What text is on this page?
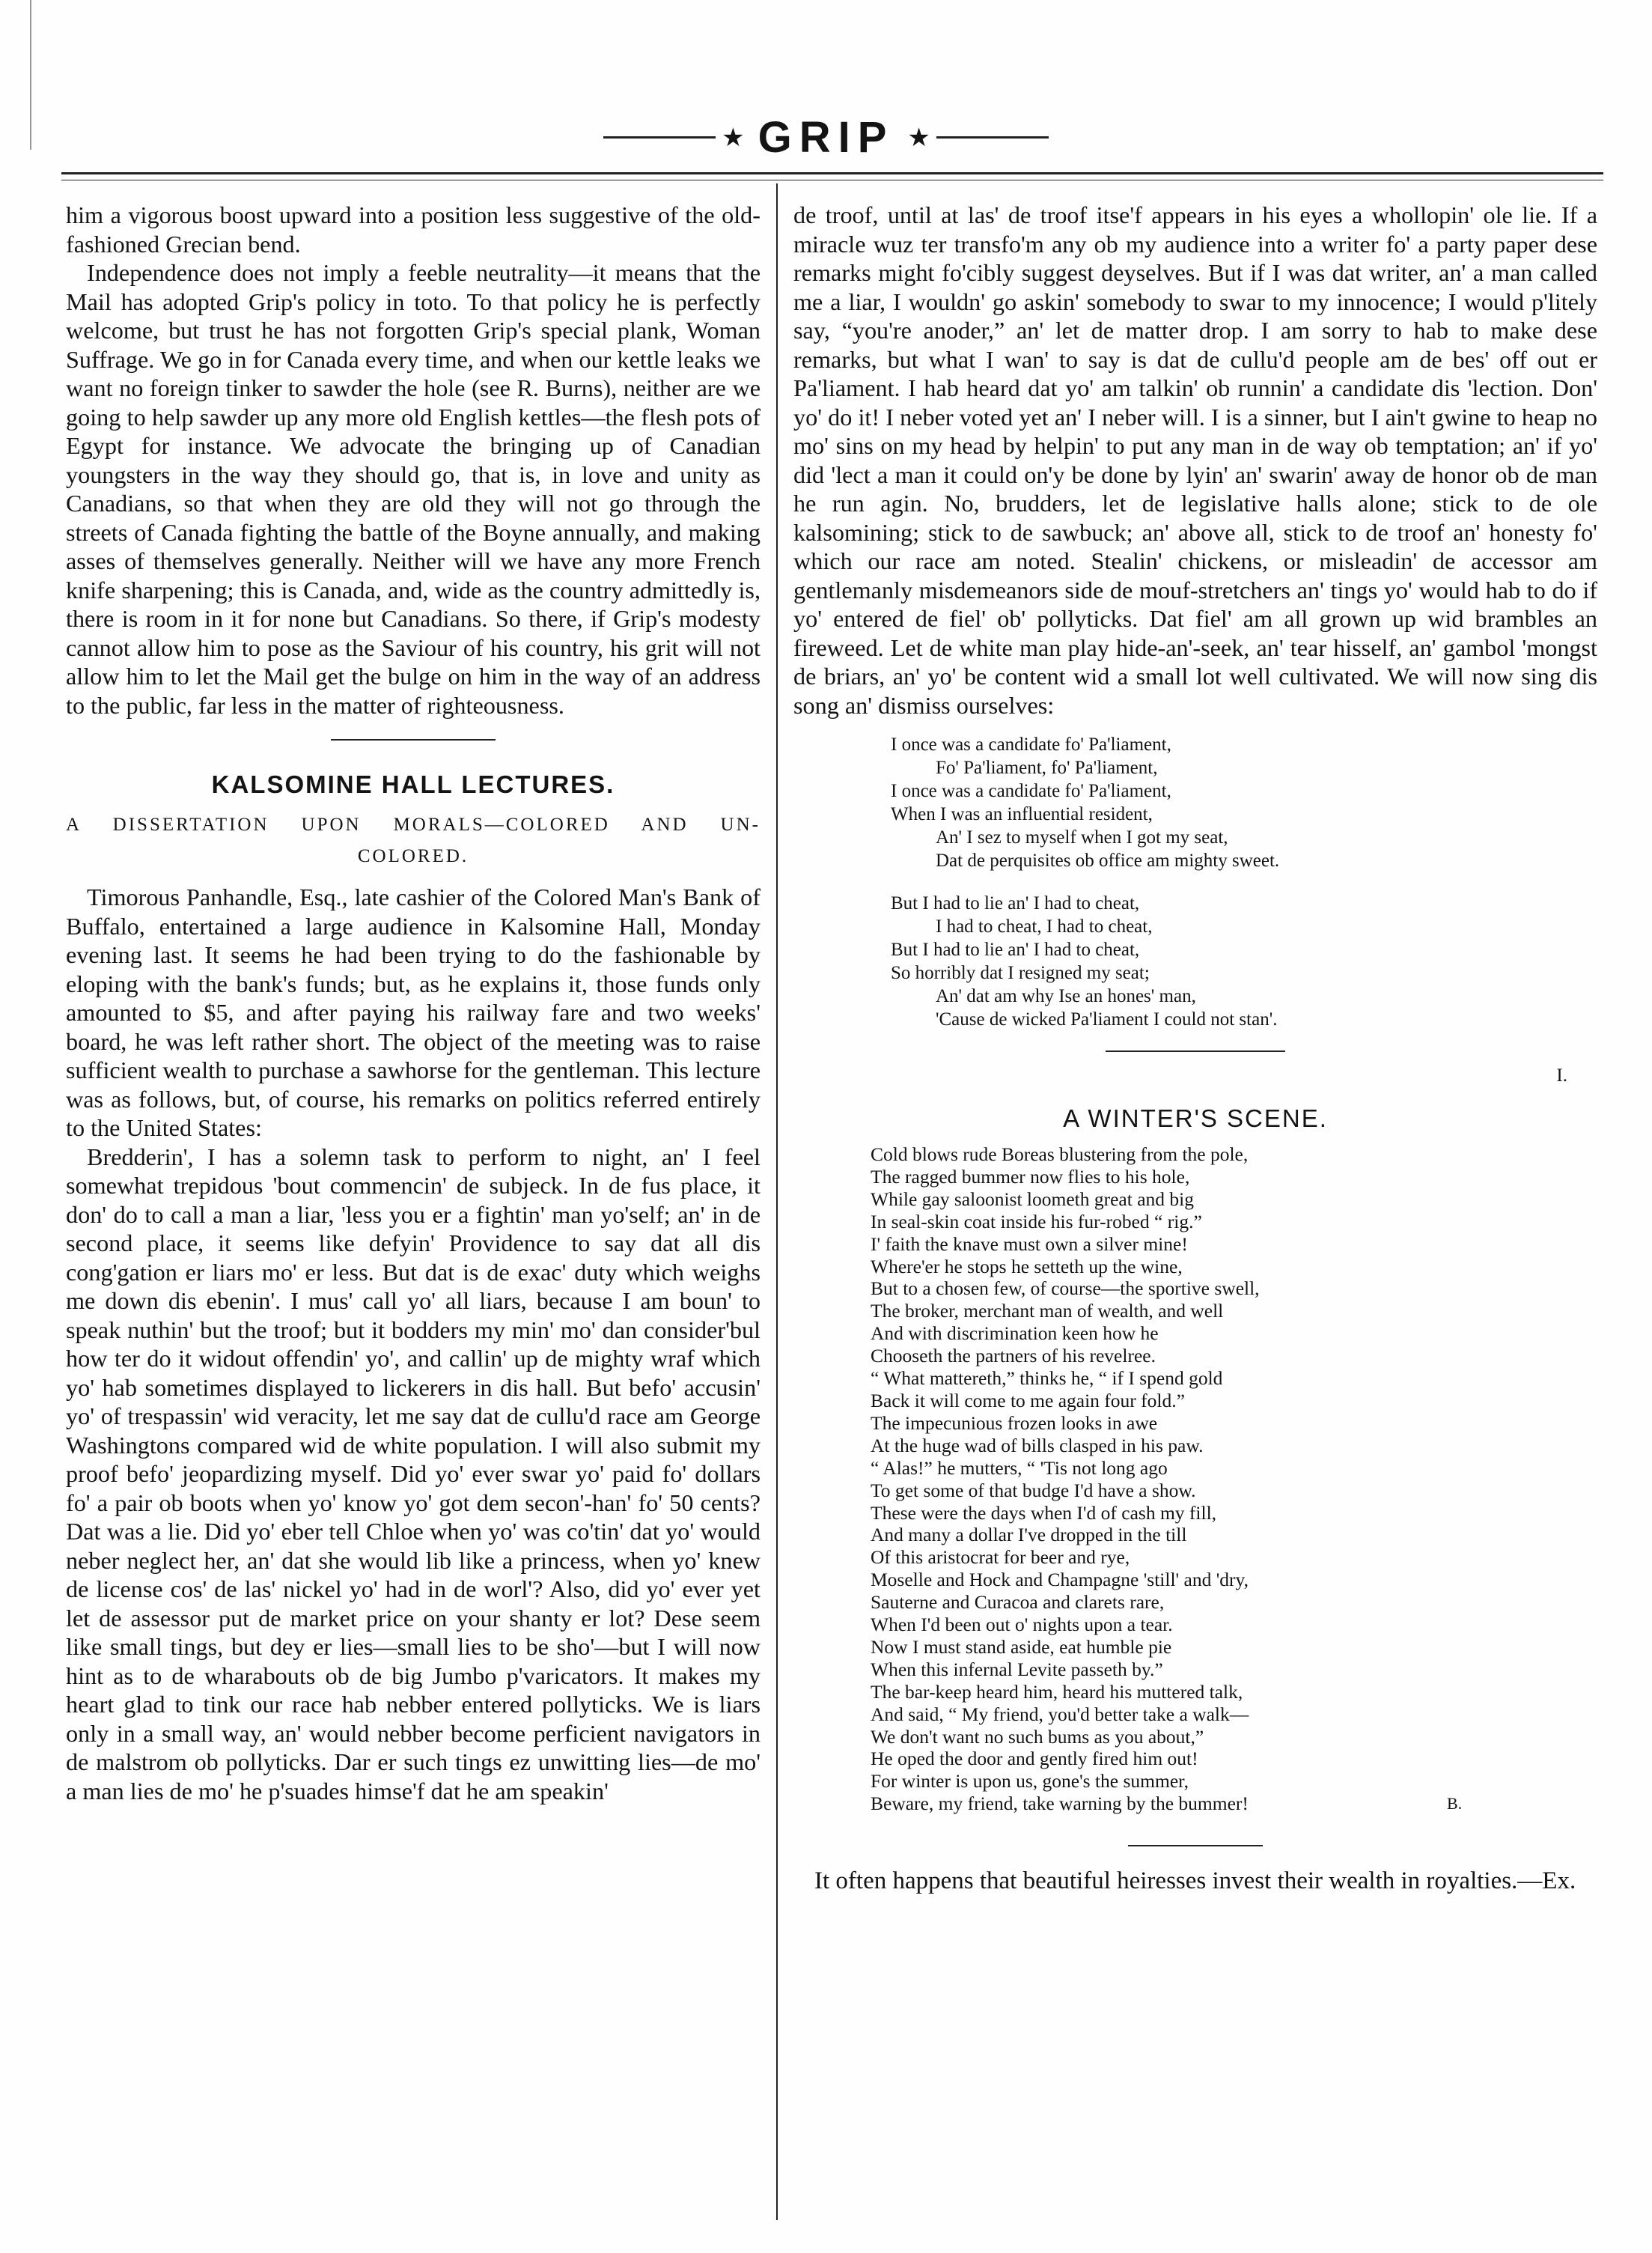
★ GRIP ★

him a vigorous boost upward into a position less suggestive of the old-fashioned Grecian bend.

Independence does not imply a feeble neutrality—it means that the Mail has adopted Grip's policy in toto. To that policy he is perfectly welcome, but trust he has not forgotten Grip's special plank, Woman Suffrage. We go in for Canada every time, and when our kettle leaks we want no foreign tinker to sawder the hole (see R. Burns), neither are we going to help sawder up any more old English kettles—the flesh pots of Egypt for instance. We advocate the bringing up of Canadian youngsters in the way they should go, that is, in love and unity as Canadians, so that when they are old they will not go through the streets of Canada fighting the battle of the Boyne annually, and making asses of themselves generally. Neither will we have any more French knife sharpening; this is Canada, and, wide as the country admittedly is, there is room in it for none but Canadians. So there, if Grip's modesty cannot allow him to pose as the Saviour of his country, his grit will not allow him to let the Mail get the bulge on him in the way of an address to the public, far less in the matter of righteousness.

KALSOMINE HALL LECTURES.
A DISSERTATION UPON MORALS—COLORED AND UN-
COLORED.

Timorous Panhandle, Esq., late cashier of the Colored Man's Bank of Buffalo, entertained a large audience in Kalsomine Hall, Monday evening last. It seems he had been trying to do the fashionable by eloping with the bank's funds; but, as he explains it, those funds only amounted to $5, and after paying his railway fare and two weeks' board, he was left rather short. The object of the meeting was to raise sufficient wealth to purchase a sawhorse for the gentleman. This lecture was as follows, but, of course, his remarks on politics referred entirely to the United States:

Bredderin', I has a solemn task to perform to night, an' I feel somewhat trepidous 'bout commencin' de subjeck. In de fus place, it don' do to call a man a liar, 'less you er a fightin' man yo'self; an' in de second place, it seems like defyin' Providence to say dat all dis cong'gation er liars mo' er less. But dat is de exac' duty which weighs me down dis ebenin'. I mus' call yo' all liars, because I am boun' to speak nuthin' but the troof; but it bodders my min' mo' dan consider'bul how ter do it widout offendin' yo', and callin' up de mighty wraf which yo' hab sometimes displayed to lickerers in dis hall. But befo' accusin' yo' of trespassin' wid veracity, let me say dat de cullu'd race am George Washingtons compared wid de white population. I will also submit my proof befo' jeopardizing myself. Did yo' ever swar yo' paid fo' dollars fo' a pair ob boots when yo' know yo' got dem secon'-han' fo' 50 cents? Dat was a lie. Did yo' eber tell Chloe when yo' was co'tin' dat yo' would neber neglect her, an' dat she would lib like a princess, when yo' knew de license cos' de las' nickel yo' had in de worl'? Also, did yo' ever yet let de assessor put de market price on your shanty er lot? Dese seem like small tings, but dey er lies—small lies to be sho'—but I will now hint as to de wharabouts ob de big Jumbo p'varicators. It makes my heart glad to tink our race hab nebber entered pollyticks. We is liars only in a small way, an' would nebber become perficient navigators in de malstrom ob pollyticks. Dar er such tings ez unwitting lies—de mo' a man lies de mo' he p'suades himse'f dat he am speakin'

de troof, until at las' de troof itse'f appears in his eyes a whollopin' ole lie. If a miracle wuz ter transfo'm any ob my audience into a writer fo' a party paper dese remarks might fo'cibly suggest deyselves. But if I was dat writer, an' a man called me a liar, I wouldn' go askin' somebody to swar to my innocence; I would p'litely say, “you're anoder,” an' let de matter drop. I am sorry to hab to make dese remarks, but what I wan' to say is dat de cullu'd people am de bes' off out er Pa'liament. I hab heard dat yo' am talkin' ob runnin' a candidate dis 'lection. Don' yo' do it! I neber voted yet an' I neber will. I is a sinner, but I ain't gwine to heap no mo' sins on my head by helpin' to put any man in de way ob temptation; an' if yo' did 'lect a man it could on'y be done by lyin' an' swarin' away de honor ob de man he run agin. No, brudders, let de legislative halls alone; stick to de ole kalsomining; stick to de sawbuck; an' above all, stick to de troof an' honesty fo' which our race am noted. Stealin' chickens, or misleadin' de accessor am gentlemanly misdemeanors side de mouf-stretchers an' tings yo' would hab to do if yo' entered de fiel' ob' pollyticks. Dat fiel' am all grown up wid brambles an fireweed. Let de white man play hide-an'-seek, an' tear hisself, an' gambol 'mongst de briars, an' yo' be content wid a small lot well cultivated. We will now sing dis song an' dismiss ourselves:

I once was a candidate fo' Pa'liament,
Fo' Pa'liament, fo' Pa'liament,
I once was a candidate fo' Pa'liament,
When I was an influential resident,
An' I sez to myself when I got my seat,
Dat de perquisites ob office am mighty sweet.
But I had to lie an' I had to cheat,
I had to cheat, I had to cheat,
But I had to lie an' I had to cheat,
So horribly dat I resigned my seat;
An' dat am why Ise an hones' man,
'Cause de wicked Pa'liament I could not stan'.
I.
A WINTER'S SCENE.
Cold blows rude Boreas blustering from the pole,
The ragged bummer now flies to his hole,
While gay saloonist loometh great and big
In seal-skin coat inside his fur-robed “ rig.”
I' faith the knave must own a silver mine!
Where'er he stops he setteth up the wine,
But to a chosen few, of course—the sportive swell,
The broker, merchant man of wealth, and well
And with discrimination keen how he
Chooseth the partners of his revelree.
“ What mattereth,” thinks he, “ if I spend gold
Back it will come to me again four fold.”
The impecunious frozen looks in awe
At the huge wad of bills clasped in his paw.
“ Alas!” he mutters, “ 'Tis not long ago
To get some of that budge I'd have a show.
These were the days when I'd of cash my fill,
And many a dollar I've dropped in the till
Of this aristocrat for beer and rye,
Moselle and Hock and Champagne 'still' and 'dry,
Sauterne and Curacoa and clarets rare,
When I'd been out o' nights upon a tear.
Now I must stand aside, eat humble pie
When this infernal Levite passeth by.”
The bar-keep heard him, heard his muttered talk,
And said, “ My friend, you'd better take a walk—
We don't want no such bums as you about,”
He oped the door and gently fired him out!
For winter is upon us, gone's the summer,
Beware, my friend, take warning by the bummer!	B.

It often happens that beautiful heiresses invest their wealth in royalties.—Ex.
